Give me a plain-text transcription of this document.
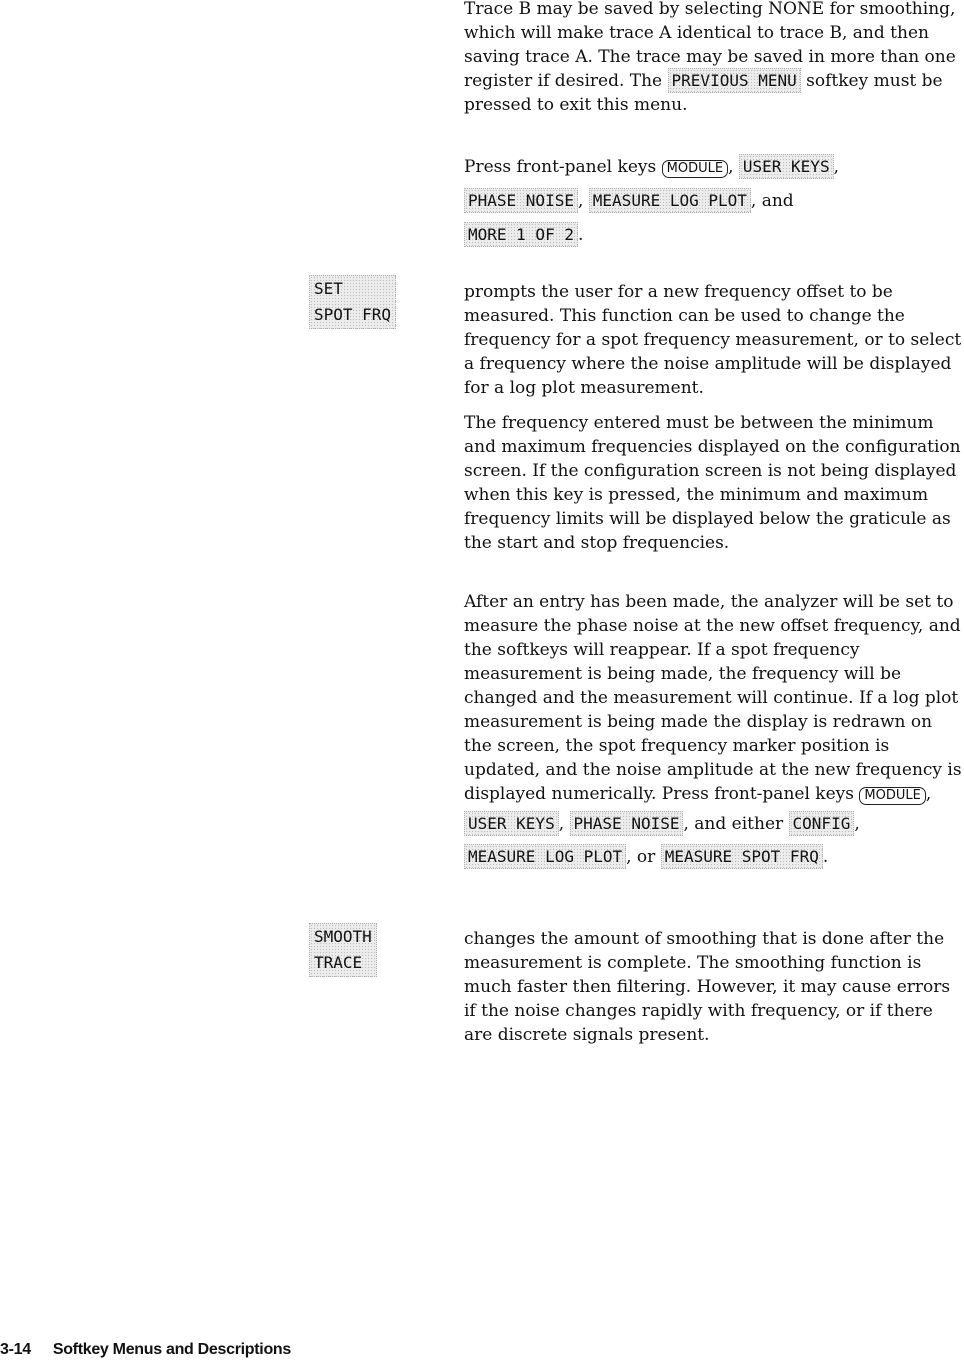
Trace B may be saved by selecting NONE for smoothing, which will make trace A identical to trace B, and then saving trace A. The trace may be saved in more than one register if desired. The PREVIOUS MENU softkey must be pressed to exit this menu.

Press front-panel keys MODULE , USER KEYS ,
PHASE NOISE , MEASURE LOG PLOT , and
MORE 1 OF 2 .

SET
SPOT FRQ

prompts the user for a new frequency offset to be measured. This function can be used to change the frequency for a spot frequency measurement, or to select a frequency where the noise amplitude will be displayed for a log plot measurement.

The frequency entered must be between the minimum and maximum frequencies displayed on the configuration screen. If the configuration screen is not being displayed when this key is pressed, the minimum and maximum frequency limits will be displayed below the graticule as the start and stop frequencies.

After an entry has been made, the analyzer will be set to measure the phase noise at the new offset frequency, and the softkeys will reappear. If a spot frequency measurement is being made, the frequency will be changed and the measurement will continue. If a log plot measurement is being made the display is redrawn on the screen, the spot frequency marker position is updated, and the noise amplitude at the new frequency is displayed numerically. Press front-panel keys MODULE ,

USER KEYS , PHASE NOISE , and either CONFIG ,

MEASURE LOG PLOT , or MEASURE SPOT FRQ .

SMOOTH
TRACE

changes the amount of smoothing that is done after the measurement is complete. The smoothing function is much faster then filtering. However, it may cause errors if the noise changes rapidly with frequency, or if there are discrete signals present.

3-14 Softkey Menus and Descriptions
